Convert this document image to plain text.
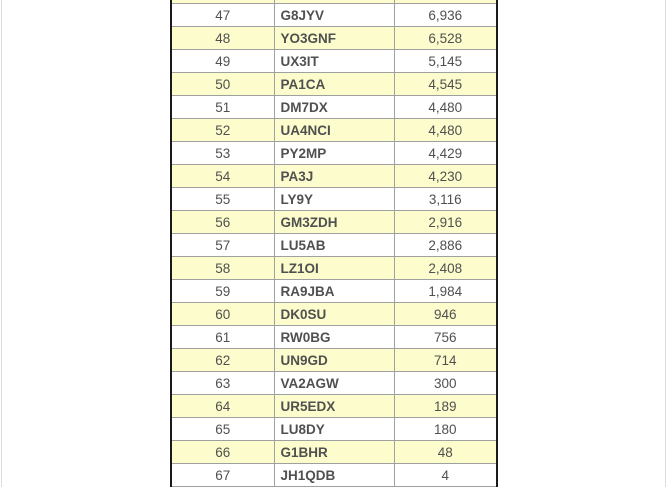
47	G8JYV	6,936
48	YO3GNF	6,528
49	UX3IT	5,145
50	PA1CA	4,545
51	DM7DX	4,480
52	UA4NCI	4,480
53	PY2MP	4,429
54	PA3J	4,230
55	LY9Y	3,116
56	GM3ZDH	2,916
57	LU5AB	2,886
58	LZ1OI	2,408
59	RA9JBA	1,984
60	DK0SU	946
61	RW0BG	756
62	UN9GD	714
63	VA2AGW	300
64	UR5EDX	189
65	LU8DY	180
66	G1BHR	48
67	JH1QDB	4
